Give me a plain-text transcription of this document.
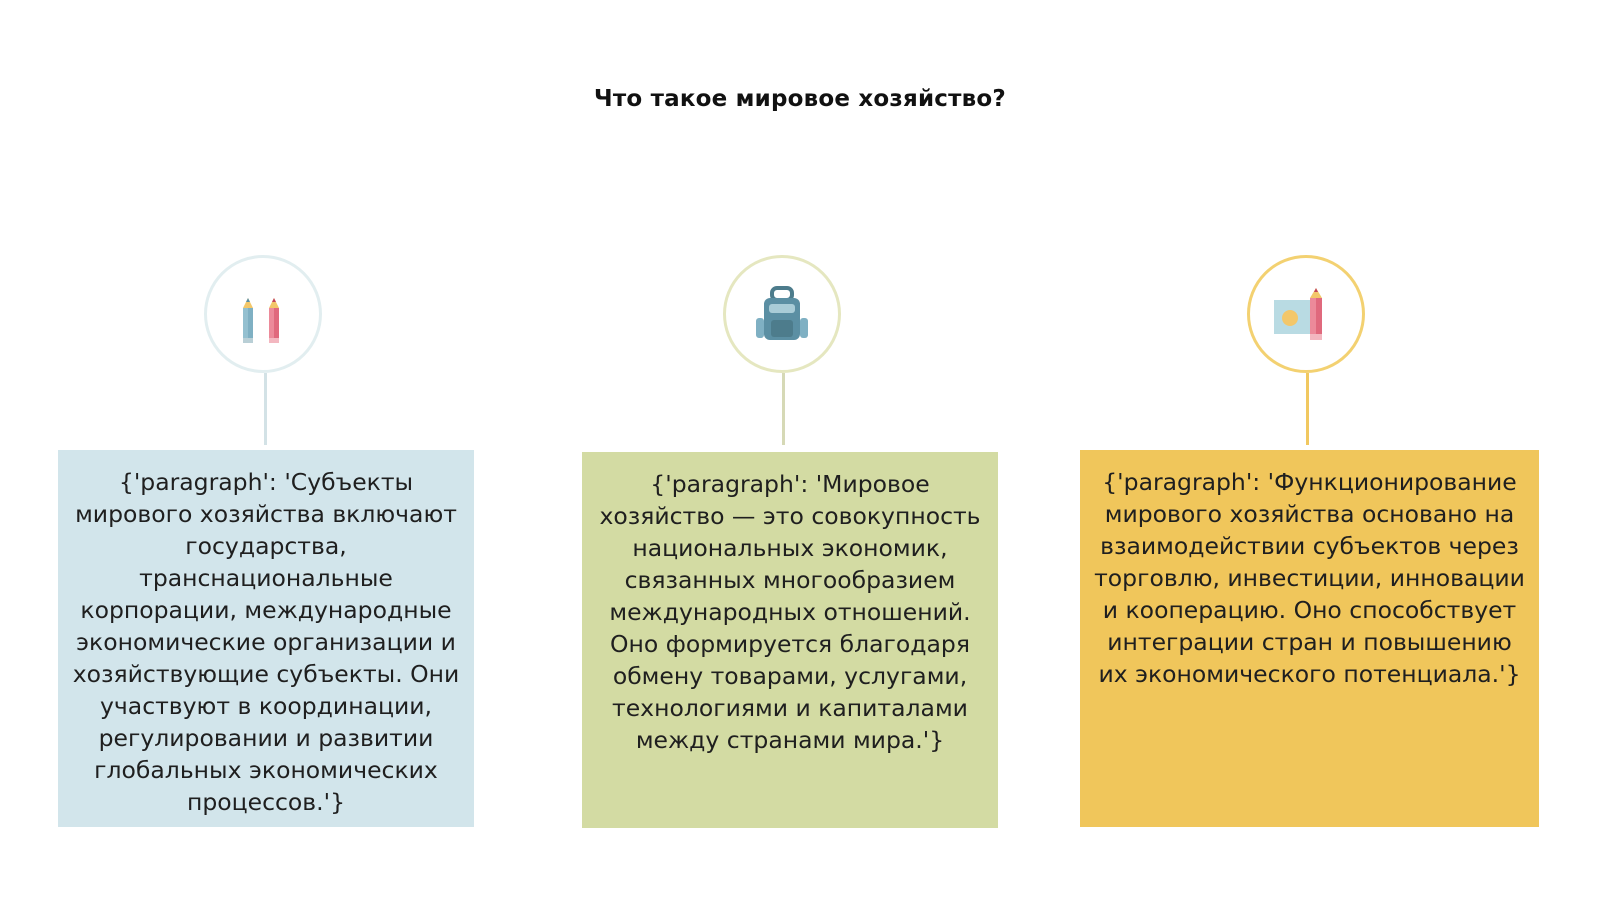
Что такое мировое хозяйство?

{'paragraph': 'Субъекты мирового хозяйства включают государства, транснациональные корпорации, международные экономические организации и хозяйствующие субъекты. Они участвуют в координации, регулировании и развитии глобальных экономических процессов.'}

{'paragraph': 'Мировое хозяйство — это совокупность национальных экономик, связанных многообразием международных отношений. Оно формируется благодаря обмену товарами, услугами, технологиями и капиталами между странами мира.'}

{'paragraph': 'Функционирование мирового хозяйства основано на взаимодействии субъектов через торговлю, инвестиции, инновации и кооперацию. Оно способствует интеграции стран и повышению их экономического потенциала.'}
